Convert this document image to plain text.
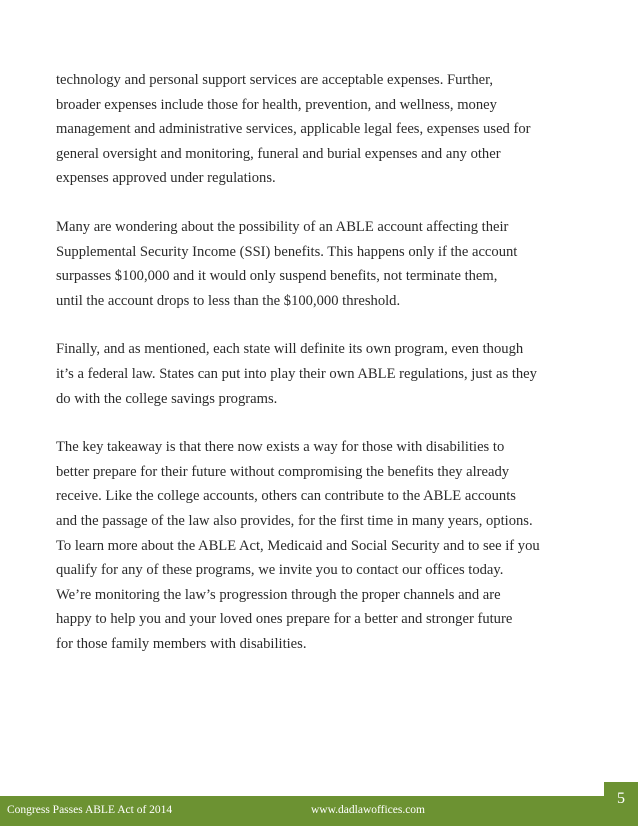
technology and personal support services are acceptable expenses. Further,
broader expenses include those for health, prevention, and wellness, money
management and administrative services, applicable legal fees, expenses used for
general oversight and monitoring, funeral and burial expenses and any other
expenses approved under regulations.

Many are wondering about the possibility of an ABLE account affecting their
Supplemental Security Income (SSI) benefits. This happens only if the account
surpasses $100,000 and it would only suspend benefits, not terminate them,
until the account drops to less than the $100,000 threshold.

Finally, and as mentioned, each state will definite its own program, even though
it’s a federal law. States can put into play their own ABLE regulations, just as they
do with the college savings programs.

The key takeaway is that there now exists a way for those with disabilities to
better prepare for their future without compromising the benefits they already
receive. Like the college accounts, others can contribute to the ABLE accounts
and the passage of the law also provides, for the first time in many years, options.
To learn more about the ABLE Act, Medicaid and Social Security and to see if you
qualify for any of these programs, we invite you to contact our offices today.
We’re monitoring the law’s progression through the proper channels and are
happy to help you and your loved ones prepare for a better and stronger future
for those family members with disabilities.

Congress Passes ABLE Act of 2014	www.dadlawoffices.com
5
